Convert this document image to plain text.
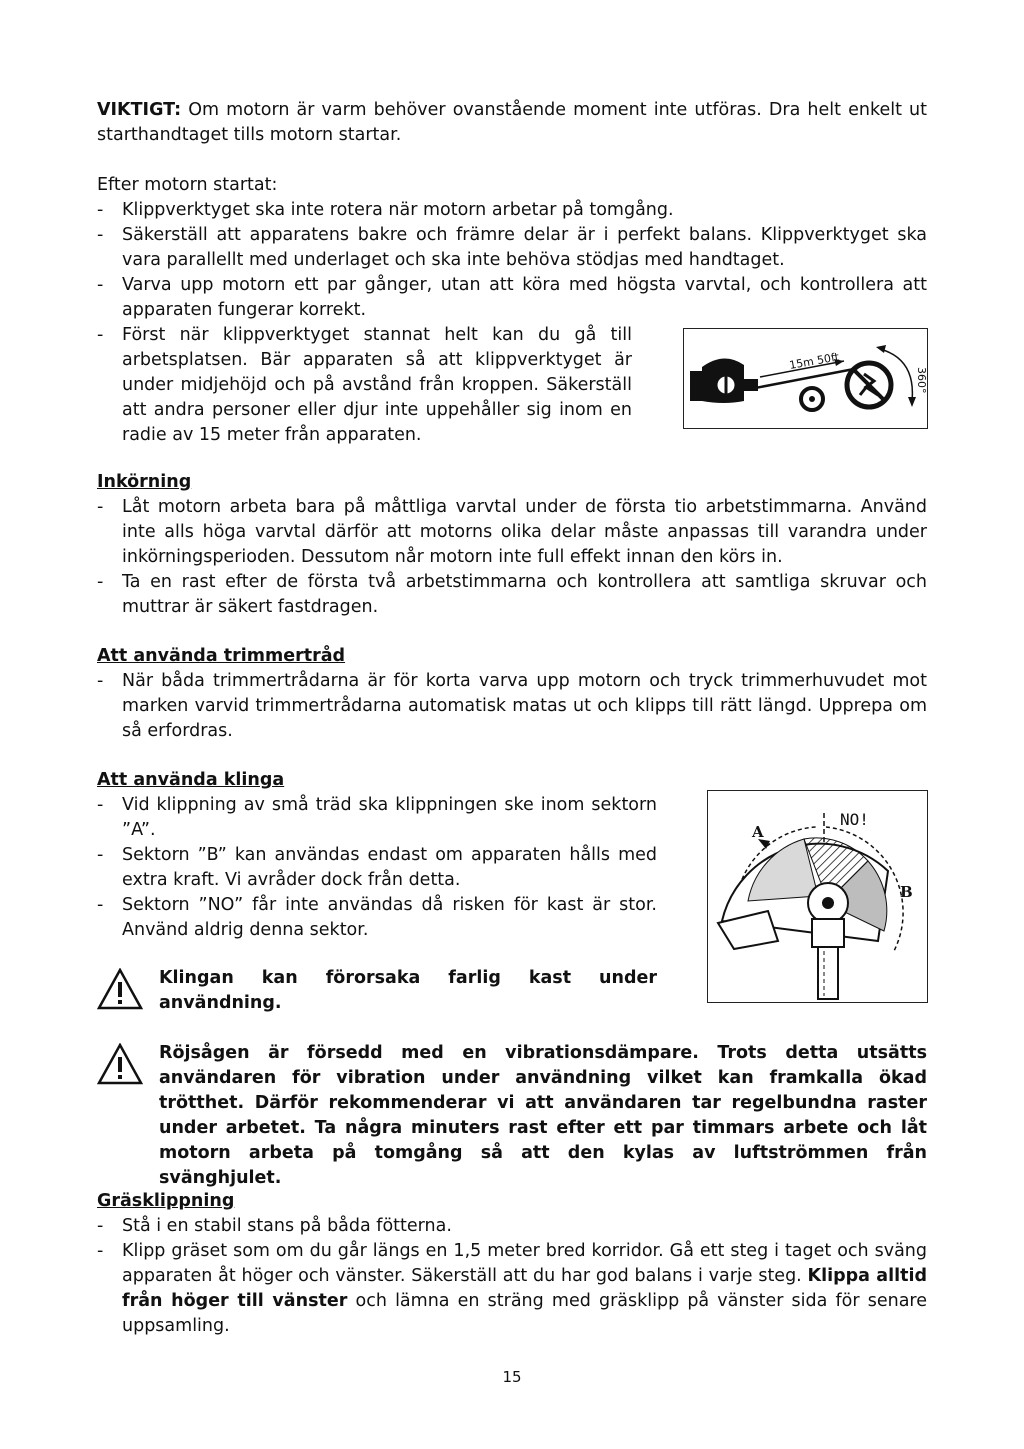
VIKTIGT: Om motorn är varm behöver ovanstående moment inte utföras. Dra helt enkelt ut starthandtaget tills motorn startar.
Efter motorn startat:
-	Klippverktyget ska inte rotera när motorn arbetar på tomgång.
-	Säkerställ att apparatens bakre och främre delar är i perfekt balans. Klippverktyget ska vara parallellt med underlaget och ska inte behöva stödjas med handtaget.
-	Varva upp motorn ett par gånger, utan att köra med högsta varvtal, och kontrollera att apparaten fungerar korrekt.
-	Först när klippverktyget stannat helt kan du gå till arbetsplatsen. Bär apparaten så att klippverktyget är under midjehöjd och på avstånd från kroppen. Säkerställ att andra personer eller djur inte uppehåller sig inom en radie av 15 meter från apparaten.
15m 50ft
360°
Inkörning
-	Låt motorn arbeta bara på måttliga varvtal under de första tio arbetstimmarna. Använd inte alls höga varvtal därför att motorns olika delar måste anpassas till varandra under inkörningsperioden. Dessutom når motorn inte full effekt innan den körs in.
-	Ta en rast efter de första två arbetstimmarna och kontrollera att samtliga skruvar och muttrar är säkert fastdragen.
Att använda trimmertråd
-	När båda trimmertrådarna är för korta varva upp motorn och tryck trimmerhuvudet mot marken varvid trimmertrådarna automatisk matas ut och klipps till rätt längd. Upprepa om så erfordras.
Att använda klinga
-	Vid klippning av små träd ska klippningen ske inom sektorn ”A”.
-	Sektorn ”B” kan användas endast om apparaten hålls med extra kraft. Vi avråder dock från detta.
-	Sektorn ”NO” får inte användas då risken för kast är stor. Använd aldrig denna sektor.
A
B
NO!
Klingan kan förorsaka farlig kast under användning.
Röjsågen är försedd med en vibrationsdämpare. Trots detta utsätts användaren för vibration under användning vilket kan framkalla ökad trötthet. Därför rekommenderar vi att användaren tar regelbundna raster under arbetet. Ta några minuters rast efter ett par timmars arbete och låt motorn arbeta på tomgång så att den kylas av luftströmmen från svänghjulet.
Gräsklippning
-	Stå i en stabil stans på båda fötterna.
-	Klipp gräset som om du går längs en 1,5 meter bred korridor. Gå ett steg i taget och sväng apparaten åt höger och vänster. Säkerställ att du har god balans i varje steg. Klippa alltid från höger till vänster och lämna en sträng med gräsklipp på vänster sida för senare uppsamling.
15
